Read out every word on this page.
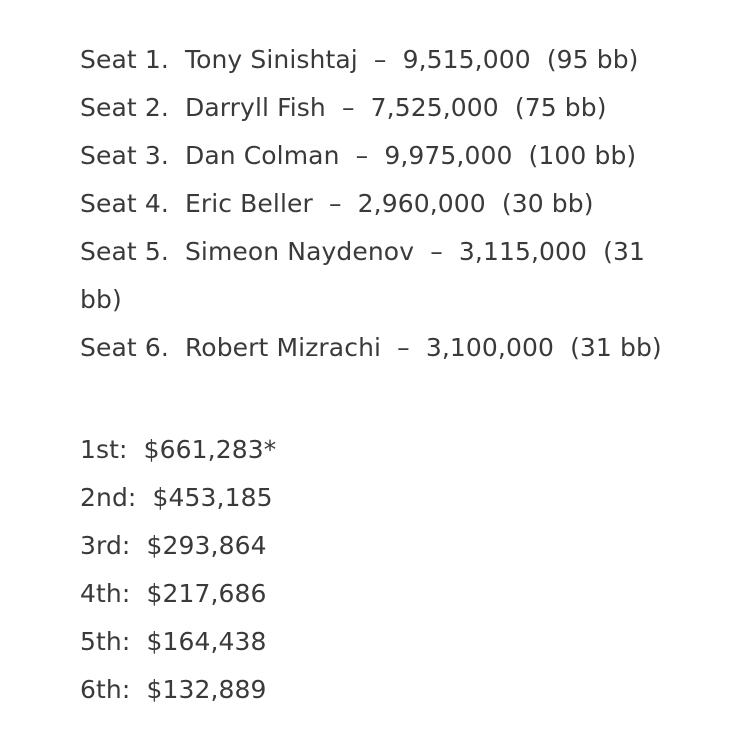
Seat 1.  Tony Sinishtaj  –  9,515,000  (95 bb)
Seat 2.  Darryll Fish  –  7,525,000  (75 bb)
Seat 3.  Dan Colman  –  9,975,000  (100 bb)
Seat 4.  Eric Beller  –  2,960,000  (30 bb)
Seat 5.  Simeon Naydenov  –  3,115,000  (31 bb)
Seat 6.  Robert Mizrachi  –  3,100,000  (31 bb)
1st:  $661,283*
2nd:  $453,185
3rd:  $293,864
4th:  $217,686
5th:  $164,438
6th:  $132,889
